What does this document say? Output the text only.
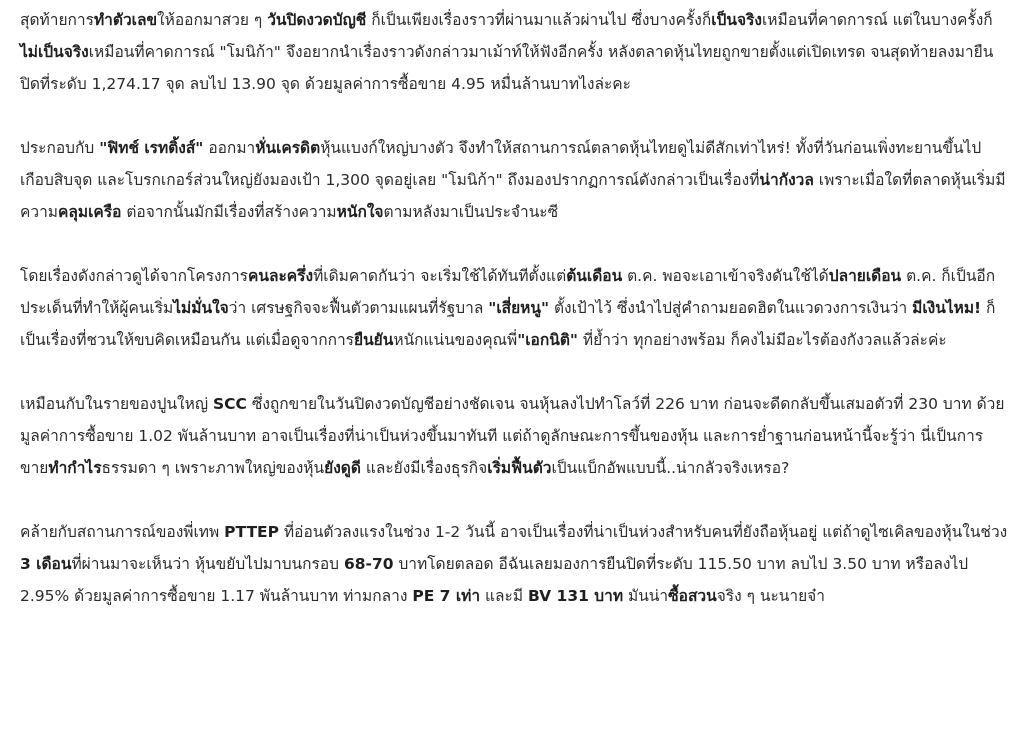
สุดท้ายการทำตัวเลขให้ออกมาสวย ๆ วันปิดงวดบัญชี ก็เป็นเพียงเรื่องราวที่ผ่านมาแล้วผ่านไป ซึ่งบางครั้งก็เป็นจริงเหมือนที่คาดการณ์ แต่ในบางครั้งก็ไม่เป็นจริงเหมือนที่คาดการณ์ "โมนิก้า" จึงอยากนำเรื่องราวดังกล่าวมาเม้าท์ให้ฟังอีกครั้ง หลังตลาดหุ้นไทยถูกขายตั้งแต่เปิดเทรด จนสุดท้ายลงมายืนปิดที่ระดับ 1,274.17 จุด ลบไป 13.90 จุด ด้วยมูลค่าการซื้อขาย 4.95 หมื่นล้านบาทไงล่ะคะ

ประกอบกับ "ฟิทช์ เรทติ้งส์" ออกมาหั่นเครดิตหุ้นแบงก์ใหญ่บางตัว จึงทำให้สถานการณ์ตลาดหุ้นไทยดูไม่ดีสักเท่าไหร่! ทั้งที่วันก่อนเพิ่งทะยานขึ้นไปเกือบสิบจุด และโบรกเกอร์ส่วนใหญ่ยังมองเป้า 1,300 จุดอยู่เลย "โมนิก้า" ถึงมองปรากฏการณ์ดังกล่าวเป็นเรื่องที่น่ากังวล เพราะเมื่อใดที่ตลาดหุ้นเริ่มมีความคลุมเครือ ต่อจากนั้นมักมีเรื่องที่สร้างความหนักใจตามหลังมาเป็นประจำนะซี

โดยเรื่องดังกล่าวดูได้จากโครงการคนละครึ่งที่เดิมคาดกันว่า จะเริ่มใช้ได้ทันทีตั้งแต่ต้นเดือน ต.ค. พอจะเอาเข้าจริงดันใช้ได้ปลายเดือน ต.ค. ก็เป็นอีกประเด็นที่ทำให้ผู้คนเริ่มไม่มั่นใจว่า เศรษฐกิจจะฟื้นตัวตามแผนที่รัฐบาล "เสี่ยหนู" ตั้งเป้าไว้ ซึ่งนำไปสู่คำถามยอดฮิตในแวดวงการเงินว่า มีเงินไหม! ก็เป็นเรื่องที่ชวนให้ขบคิดเหมือนกัน แต่เมื่อดูจากการยืนยันหนักแน่นของคุณพี่"เอกนิติ" ที่ย้ำว่า ทุกอย่างพร้อม ก็คงไม่มีอะไรต้องกังวลแล้วล่ะค่ะ

เหมือนกับในรายของปูนใหญ่ SCC ซึ่งถูกขายในวันปิดงวดบัญชีอย่างชัดเจน จนหุ้นลงไปทำโลว์ที่ 226 บาท ก่อนจะดีดกลับขึ้นเสมอตัวที่ 230 บาท ด้วยมูลค่าการซื้อขาย 1.02 พันล้านบาท อาจเป็นเรื่องที่น่าเป็นห่วงขึ้นมาทันที แต่ถ้าดูลักษณะการขึ้นของหุ้น และการย่ำฐานก่อนหน้านี้จะรู้ว่า นี่เป็นการขายทำกำไรธรรมดา ๆ เพราะภาพใหญ่ของหุ้นยังดูดี และยังมีเรื่องธุรกิจเริ่มฟื้นตัวเป็นแบ็กอัพแบบนี้..น่ากลัวจริงเหรอ?

คล้ายกับสถานการณ์ของพี่เทพ PTTEP ที่อ่อนตัวลงแรงในช่วง 1-2 วันนี้ อาจเป็นเรื่องที่น่าเป็นห่วงสำหรับคนที่ยังถือหุ้นอยู่ แต่ถ้าดูไซเคิลของหุ้นในช่วง 3 เดือนที่ผ่านมาจะเห็นว่า หุ้นขยับไปมาบนกรอบ 68-70 บาทโดยตลอด อีฉันเลยมองการยืนปิดที่ระดับ 115.50 บาท ลบไป 3.50 บาท หรือลงไป 2.95% ด้วยมูลค่าการซื้อขาย 1.17 พันล้านบาท ท่ามกลาง PE 7 เท่า และมี BV 131 บาท มันน่าซื้อสวนจริง ๆ นะนายจ๋า
